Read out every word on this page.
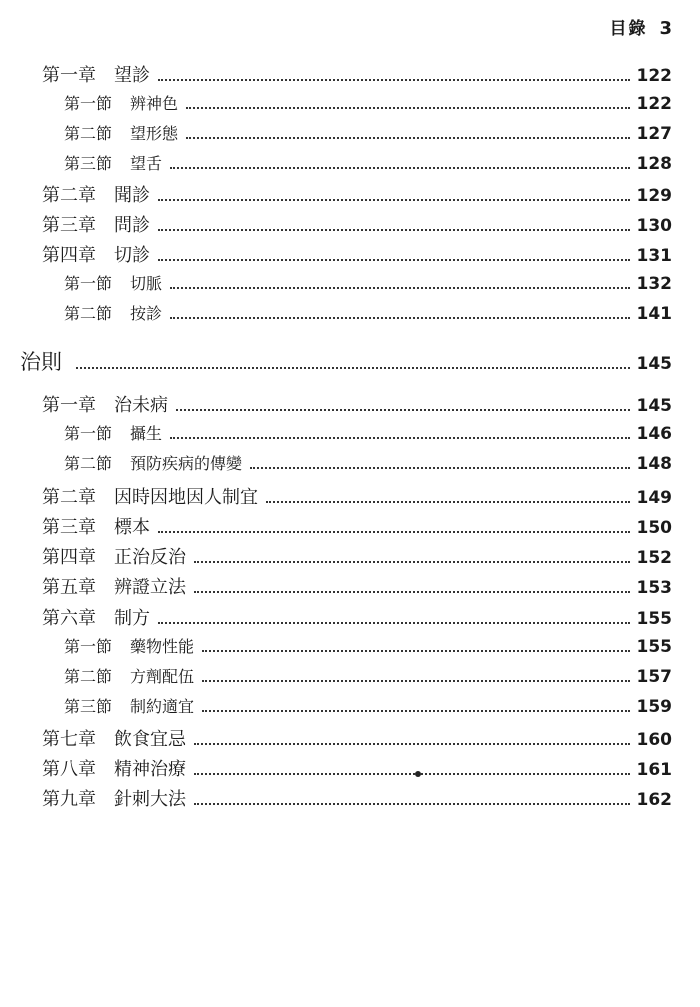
目錄 3
第一章 望診	122
第一節 辨神色	122
第二節 望形態	127
第三節 望舌	128
第二章 聞診	129
第三章 問診	130
第四章 切診	131
第一節 切脈	132
第二節 按診	141
治則	145
第一章 治未病	145
第一節 攝生	146
第二節 預防疾病的傳變	148
第二章 因時因地因人制宜	149
第三章 標本	150
第四章 正治反治	152
第五章 辨證立法	153
第六章 制方	155
第一節 藥物性能	155
第二節 方劑配伍	157
第三節 制約適宜	159
第七章 飲食宜忌	160
第八章 精神治療	161
第九章 針刺大法	162
